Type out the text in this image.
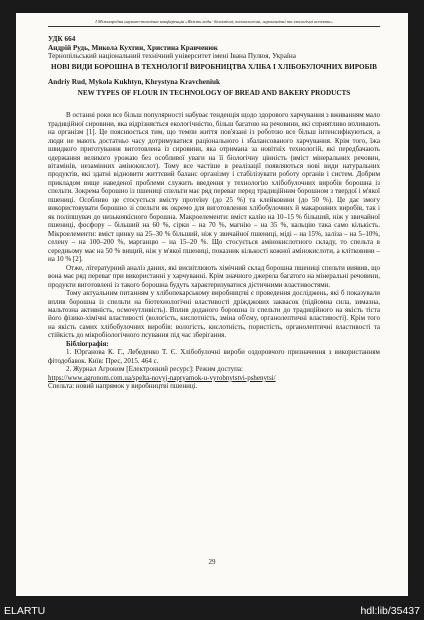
І Міжнародна науково-технічна конференція «Якість води: біохімічні, технологічні, агрономічні та екологічні аспекти»
УДК 664
Андрій Рудь, Микола Кухтин, Христина Кравченюк
Тернопільський національний технічний університет імені Івана Пулюя, Україна
НОВІ ВИДИ БОРОШНА В ТЕХНОЛОГІЇ ВИРОБНИЦТВА ХЛІБА І ХЛІБОБУЛОЧНИХ ВИРОБІВ
Andriy Rud, Mykola Kukhtyn, Khrystyna Kravcheniuk
NEW TYPES OF FLOUR IN TECHNOLOGY OF BREAD AND BAKERY PRODUCTS

В останні роки все більш популярності набуває тенденція щодо здорового харчування з вживанням мало традиційної сировини, яка відрізняється екологічністю, більш багатою на речовини, які сприятливо впливають на організм [1]. Це пояснюється тим, що темпи життя пов'язані із роботою все більш інтенсифікуються, а люди не мають достатньо часу дотримуватися раціонального і збалансованого харчування. Крім того, їжа швидкого приготування виготовлена із сировини, яка отримана за новітніх технологій, які передбачають одержання великого урожаю без особливої уваги на її біологічну цінність (вміст мінеральних речовин, вітамінів, незамінних амінокислот). Тому все частіше в реалізації появляються нові види натуральних продуктів, які здатні відновити життєвий баланс організму і стабілізувати роботу органів і систем. Добрим прикладом вище наведеної проблеми служить введення у технологію хлібобулочних виробів борошна із спельти. Зокрема борошно із пшениці спельти має ряд переваг перед традиційним борошном з твердої і м'якої пшениці. Особливо це стосується вмісту протеїну (до 25 %) та клейковини (до 50 %). Це дає змогу використовувати борошно зі спельти як окремо для виготовлення хлібобулочних й макаронних виробів, так і як поліпшувач до низькоякісного борошна. Макроелементи: вміст калію на 10–15 % більший, ніж у звичайної пшениці, фосфору – більший на 60 %, сірки – на 70 %, магнію – на 35 %, кальцію така само кількість. Мікроелементи: вміст цинку на 25–30 % більший, ніж у звичайної пшениці, міді – на 15%, заліза – на 5–10%, селену – на 100–200 %, марганцю – на 15–20 %. Що стосується амінокислотного складу, то спельта в середньому має на 50 % вищий, ніж у м'якої пшениці, показник кількості кожної амінокислоти, а клітковини – на 10 % [2].

Отже, літературний аналіз даних, які висвітлюють хімічний склад борошна пшениці спельти виявив, що вона має ряд переваг при використанні у харчуванні. Крім значного джерела багатого на мінеральні речовини, продукти виготовлені із такого борошна будуть характеризуватися дієтичними властивостями.

Тому актуальним питанням у хлібопекарському виробництві є проведення досліджень, які б показували вплив борошна із спельти на біотехнологічні властивості дріжджових заквасок (підйомна сила, зимазна, мальтозна активність, осмочутливість). Вплив доданого борошна із спельти до традиційного на якість тіста його фізико-хімічні властивості (вологість, кислотність, зміна об'єму, органолептичні властивості). Крім того на якість самих хлібобулочних виробів: вологість, кислотність, пористість, органолептичні властивості та стійкість до мікробіологічного псування під час зберігання.

Бібліографія:

1. Юрганова К. Г., Лебеденко Т. Є. Хлібобулочні вироби оздоровчого призначення з використанням фітодобавок. Київ: Прес, 2015. 464 с.

2. Журнал Агроном [Електронний ресурс]: Режим доступа:

https://www.agronom.com.ua/spelta-novyj-napryamok-u-vyrobnytstvi-pshenytsi/

Спельта: новий напрямок у виробництві пшениці.

29
ELARTU	hdl:lib/35437
